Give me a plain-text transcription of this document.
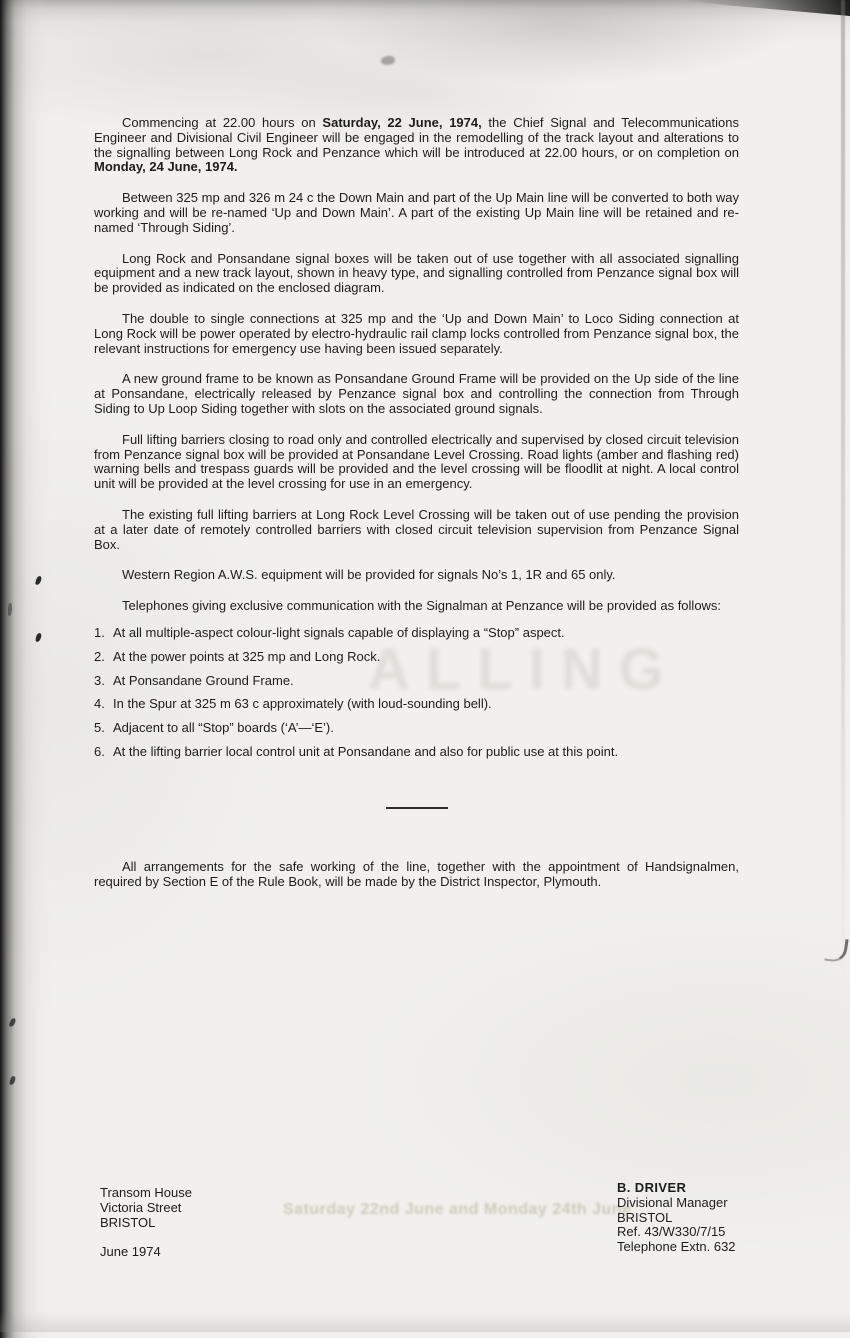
ALLING
Saturday 22nd June and Monday 24th June

Commencing at 22.00 hours on Saturday, 22 June, 1974, the Chief Signal and Telecommunications Engineer and Divisional Civil Engineer will be engaged in the remodelling of the track layout and alterations to the signalling between Long Rock and Penzance which will be introduced at 22.00 hours, or on completion on Monday, 24 June, 1974.

Between 325 mp and 326 m 24 c the Down Main and part of the Up Main line will be converted to both way working and will be re-named ‘Up and Down Main’. A part of the existing Up Main line will be retained and re-named ‘Through Siding’.

Long Rock and Ponsandane signal boxes will be taken out of use together with all associated signalling equipment and a new track layout, shown in heavy type, and signalling controlled from Penzance signal box will be provided as indicated on the enclosed diagram.

The double to single connections at 325 mp and the ‘Up and Down Main’ to Loco Siding connection at Long Rock will be power operated by electro-hydraulic rail clamp locks controlled from Penzance signal box, the relevant instructions for emergency use having been issued separately.

A new ground frame to be known as Ponsandane Ground Frame will be provided on the Up side of the line at Ponsandane, electrically released by Penzance signal box and controlling the connection from Through Siding to Up Loop Siding together with slots on the associated ground signals.

Full lifting barriers closing to road only and controlled electrically and supervised by closed circuit television from Penzance signal box will be provided at Ponsandane Level Crossing. Road lights (amber and flashing red) warning bells and trespass guards will be provided and the level crossing will be floodlit at night. A local control unit will be provided at the level crossing for use in an emergency.

The existing full lifting barriers at Long Rock Level Crossing will be taken out of use pending the provision at a later date of remotely controlled barriers with closed circuit television supervision from Penzance Signal Box.

Western Region A.W.S. equipment will be provided for signals No’s 1, 1R and 65 only.

Telephones giving exclusive communication with the Signalman at Penzance will be provided as follows:

1. At all multiple-aspect colour-light signals capable of displaying a “Stop” aspect.
2. At the power points at 325 mp and Long Rock.
3. At Ponsandane Ground Frame.
4. In the Spur at 325 m 63 c approximately (with loud-sounding bell).
5. Adjacent to all “Stop” boards (‘A’—‘E’).
6. At the lifting barrier local control unit at Ponsandane and also for public use at this point.

All arrangements for the safe working of the line, together with the appointment of Handsignalmen, required by Section E of the Rule Book, will be made by the District Inspector, Plymouth.

Transom House
Victoria Street
BRISTOL
June 1974
B. DRIVER
Divisional Manager
BRISTOL
Ref. 43/W330/7/15
Telephone Extn. 632
